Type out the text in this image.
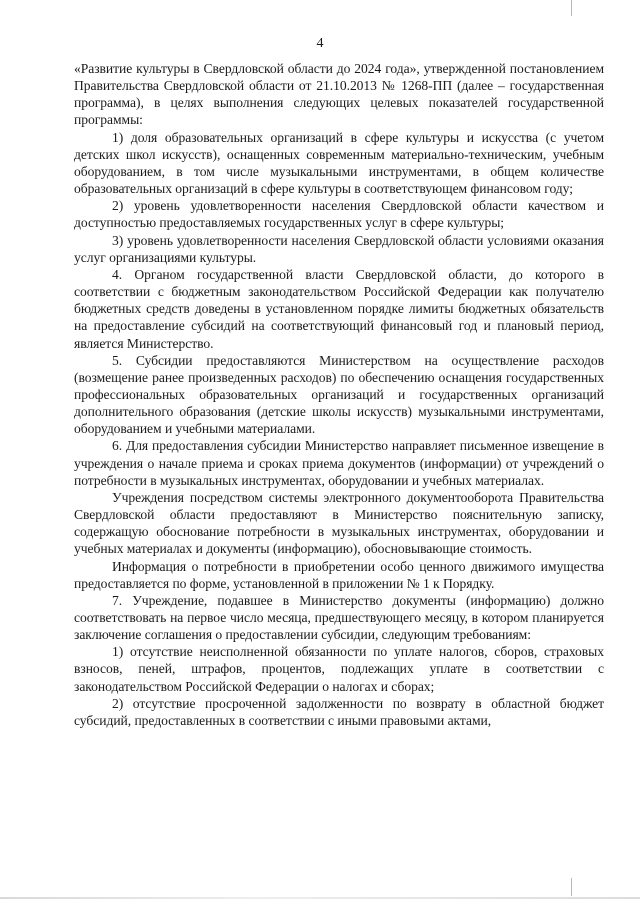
4

«Развитие культуры в Свердловской области до 2024 года», утвержденной постановлением Правительства Свердловской области от 21.10.2013 № 1268-ПП (далее – государственная программа), в целях выполнения следующих целевых показателей государственной программы:

1) доля образовательных организаций в сфере культуры и искусства (с учетом детских школ искусств), оснащенных современным материально-техническим, учебным оборудованием, в том числе музыкальными инструментами, в общем количестве образовательных организаций в сфере культуры в соответствующем финансовом году;

2) уровень удовлетворенности населения Свердловской области качеством и доступностью предоставляемых государственных услуг в сфере культуры;

3) уровень удовлетворенности населения Свердловской области условиями оказания услуг организациями культуры.

4. Органом государственной власти Свердловской области, до которого в соответствии с бюджетным законодательством Российской Федерации как получателю бюджетных средств доведены в установленном порядке лимиты бюджетных обязательств на предоставление субсидий на соответствующий финансовый год и плановый период, является Министерство.

5. Субсидии предоставляются Министерством на осуществление расходов (возмещение ранее произведенных расходов) по обеспечению оснащения государственных профессиональных образовательных организаций и государственных организаций дополнительного образования (детские школы искусств) музыкальными инструментами, оборудованием и учебными материалами.

6. Для предоставления субсидии Министерство направляет письменное извещение в учреждения о начале приема и сроках приема документов (информации) от учреждений о потребности в музыкальных инструментах, оборудовании и учебных материалах.

Учреждения посредством системы электронного документооборота Правительства Свердловской области предоставляют в Министерство пояснительную записку, содержащую обоснование потребности в музыкальных инструментах, оборудовании и учебных материалах и документы (информацию), обосновывающие стоимость.

Информация о потребности в приобретении особо ценного движимого имущества предоставляется по форме, установленной в приложении № 1 к Порядку.

7. Учреждение, подавшее в Министерство документы (информацию) должно соответствовать на первое число месяца, предшествующего месяцу, в котором планируется заключение соглашения о предоставлении субсидии, следующим требованиям:

1) отсутствие неисполненной обязанности по уплате налогов, сборов, страховых взносов, пеней, штрафов, процентов, подлежащих уплате в соответствии с законодательством Российской Федерации о налогах и сборах;

2) отсутствие просроченной задолженности по возврату в областной бюджет субсидий, предоставленных в соответствии с иными правовыми актами,
